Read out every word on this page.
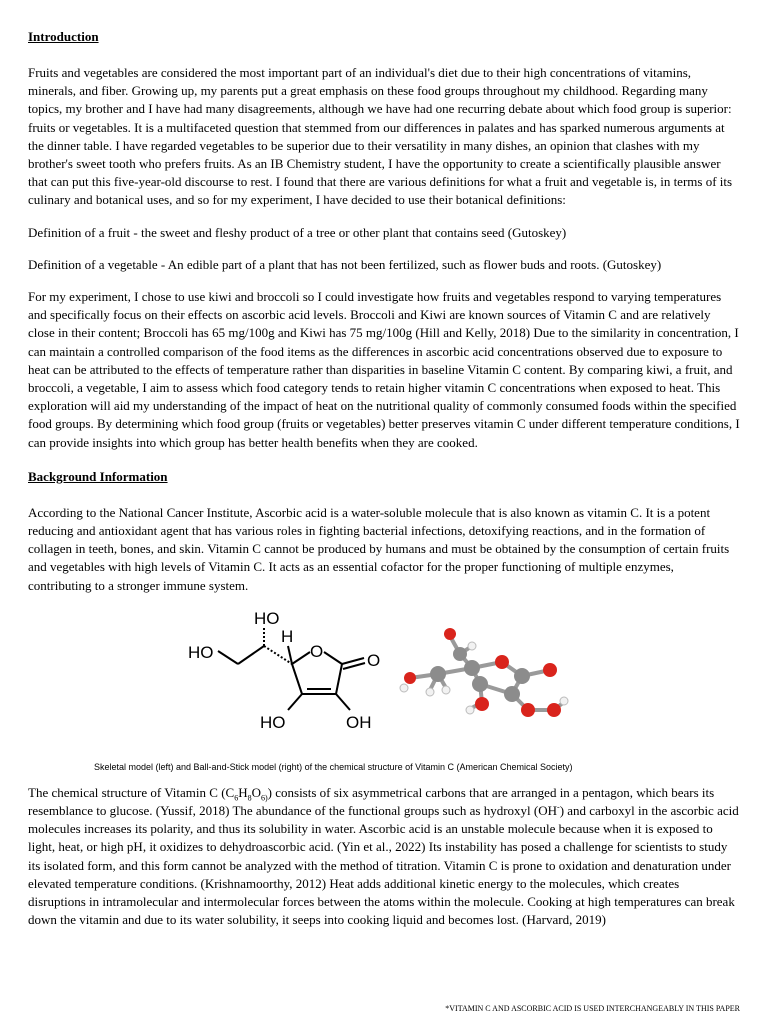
Introduction
Fruits and vegetables are considered the most important part of an individual's diet due to their high concentrations of vitamins, minerals, and fiber. Growing up, my parents put a great emphasis on these food groups throughout my childhood. Regarding many topics, my brother and I have had many disagreements, although we have had one recurring debate about which food group is superior: fruits or vegetables. It is a multifaceted question that stemmed from our differences in palates and has sparked numerous arguments at the dinner table. I have regarded vegetables to be superior due to their versatility in many dishes, an opinion that clashes with my brother's sweet tooth who prefers fruits. As an IB Chemistry student, I have the opportunity to create a scientifically plausible answer that can put this five-year-old discourse to rest. I found that there are various definitions for what a fruit and vegetable is, in terms of its culinary and botanical uses, and so for my experiment, I have decided to use their botanical definitions:
Definition of a fruit - the sweet and fleshy product of a tree or other plant that contains seed (Gutoskey)
Definition of a vegetable - An edible part of a plant that has not been fertilized, such as flower buds and roots. (Gutoskey)
For my experiment, I chose to use kiwi and broccoli so I could investigate how fruits and vegetables respond to varying temperatures and specifically focus on their effects on ascorbic acid levels. Broccoli and Kiwi are known sources of Vitamin C and are relatively close in their content; Broccoli has 65 mg/100g and Kiwi has 75 mg/100g (Hill and Kelly, 2018) Due to the similarity in concentration, I can maintain a controlled comparison of the food items as the differences in ascorbic acid concentrations observed due to exposure to heat can be attributed to the effects of temperature rather than disparities in baseline Vitamin C content. By comparing kiwi, a fruit, and broccoli, a vegetable, I aim to assess which food category tends to retain higher vitamin C concentrations when exposed to heat. This exploration will aid my understanding of the impact of heat on the nutritional quality of commonly consumed foods within the specified food groups. By determining which food group (fruits or vegetables) better preserves vitamin C under different temperature conditions, I can provide insights into which group has better health benefits when they are cooked.
Background Information
According to the National Cancer Institute, Ascorbic acid is a water-soluble molecule that is also known as vitamin C. It is a potent reducing and antioxidant agent that has various roles in fighting bacterial infections, detoxifying reactions, and in the formation of collagen in teeth, bones, and skin. Vitamin C cannot be produced by humans and must be obtained by the consumption of certain fruits and vegetables with high levels of Vitamin C. It acts as an essential cofactor for the proper functioning of multiple enzymes, contributing to a stronger immune system.
HO
H
HO	O	O
HO	OH
Skeletal model (left) and Ball-and-Stick model (right) of the chemical structure of Vitamin C (American Chemical Society)
The chemical structure of Vitamin C $(C_6H_8O_{6)})$ consists of six asymmetrical carbons that are arranged in a pentagon, which bears its resemblance to glucose. (Yussif, 2018) The abundance of the functional groups such as hydroxyl (OH-) and carboxyl in the ascorbic acid molecules increases its polarity, and thus its solubility in water. Ascorbic acid is an unstable molecule because when it is exposed to light, heat, or high pH, it oxidizes to dehydroascorbic acid. (Yin et al., 2022) Its instability has posed a challenge for scientists to study its isolated form, and this form cannot be analyzed with the method of titration. Vitamin C is prone to oxidation and denaturation under elevated temperature conditions. (Krishnamoorthy, 2012) Heat adds additional kinetic energy to the molecules, which creates disruptions in intramolecular and intermolecular forces between the atoms within the molecule. Cooking at high temperatures can break down the vitamin and due to its water solubility, it seeps into cooking liquid and becomes lost. (Harvard, 2019)
*VITAMIN C AND ASCORBIC ACID IS USED INTERCHANGEABLY IN THIS PAPER
